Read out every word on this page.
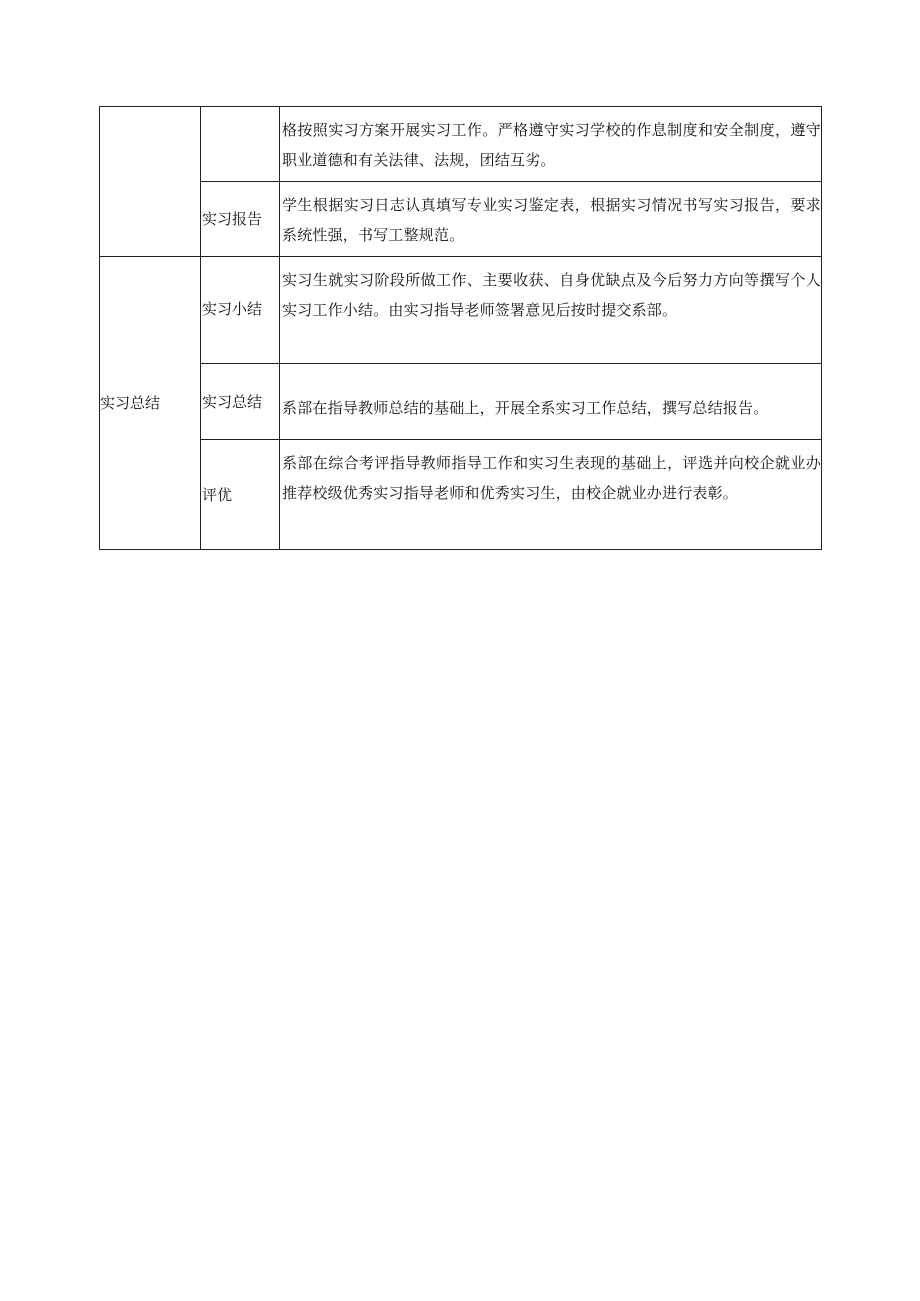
		格按照实习方案开展实习工作。严格遵守实习学校的作息制度和安全制度，遵守职业道德和有关法律、法规，团结互劣。

	实习报告	学生根据实习日志认真填写专业实习鉴定表，根据实习情况书写实习报告，要求系统性强，书写工整规范。

实习总结	实习小结	实习生就实习阶段所做工作、主要收获、自身优缺点及今后努力方向等撰写个人实习工作小结。由实习指导老师签署意见后按时提交系部。

	实习总结	系部在指导教师总结的基础上，开展全系实习工作总结，撰写总结报告。

	评优	系部在综合考评指导教师指导工作和实习生表现的基础上，评选并向校企就业办推荐校级优秀实习指导老师和优秀实习生，由校企就业办进行表彰。
